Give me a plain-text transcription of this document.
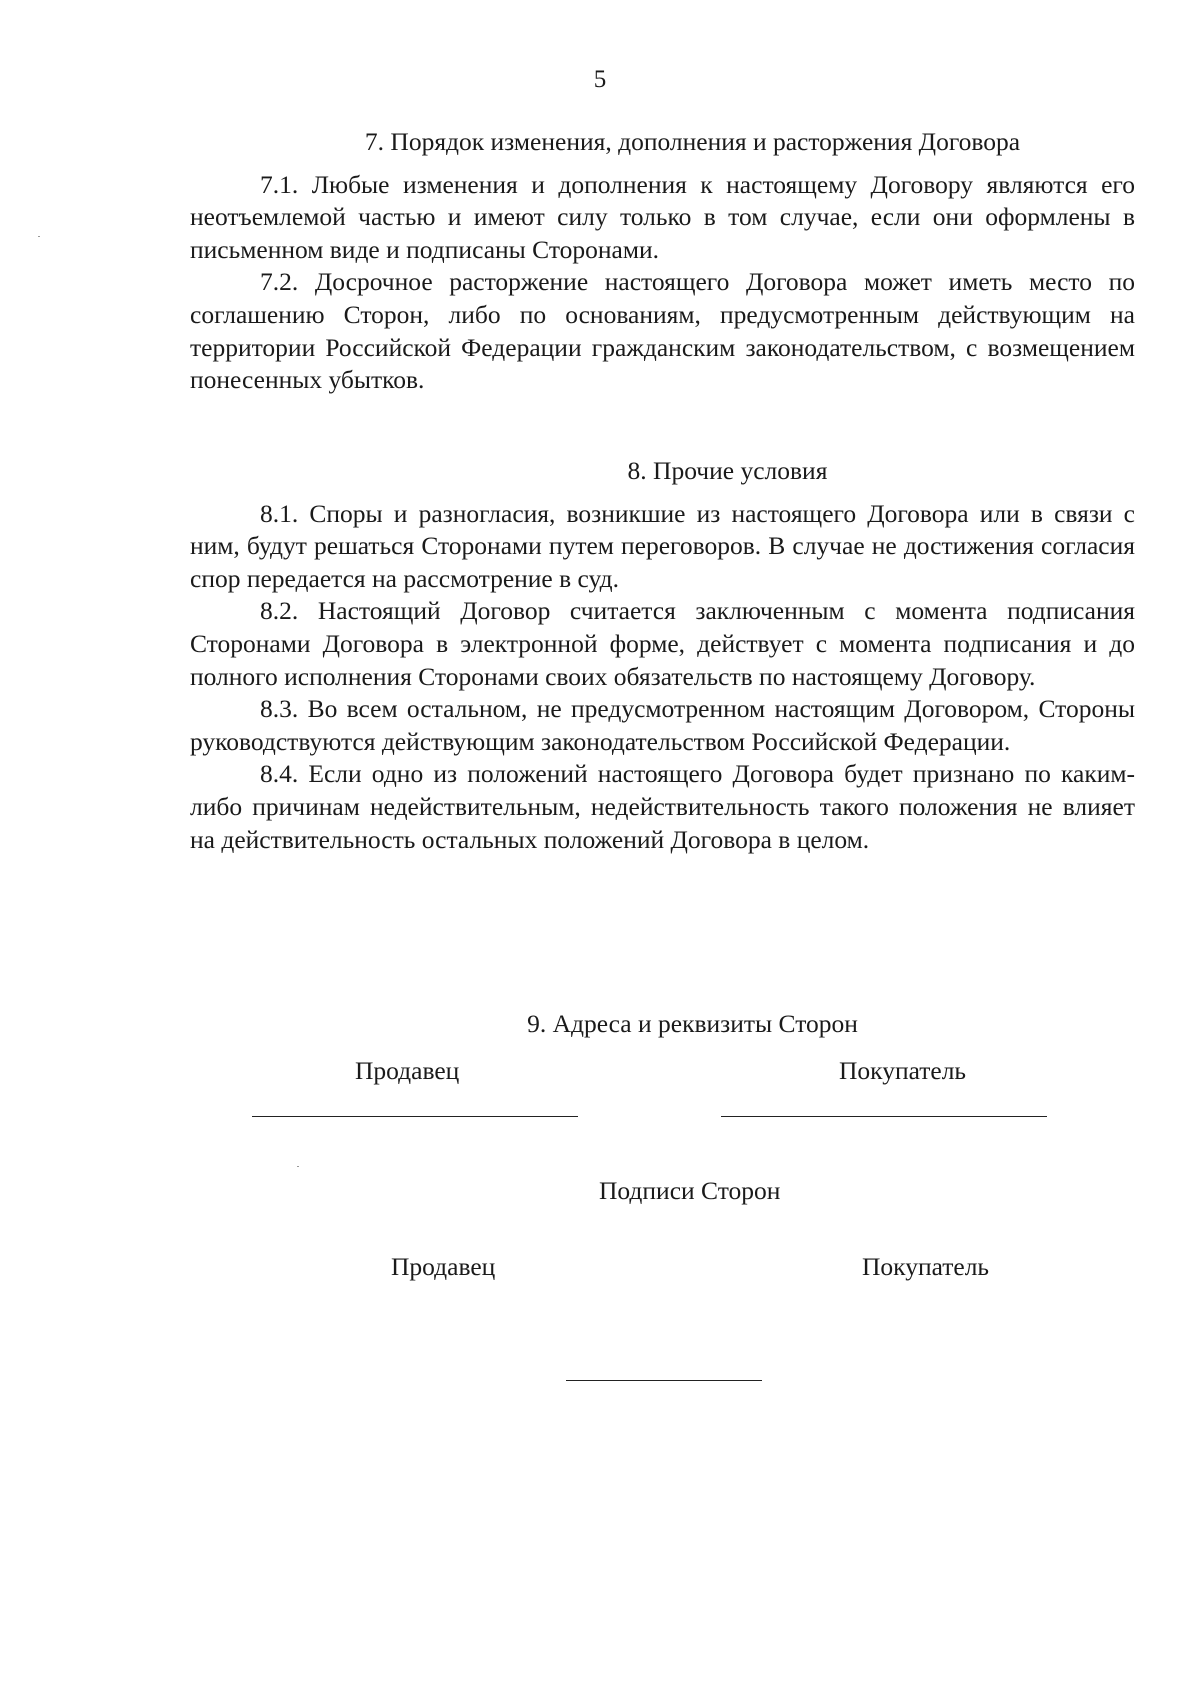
5
7. Порядок изменения, дополнения и расторжения Договора

7.1. Любые изменения и дополнения к настоящему Договору являются его неотъемлемой частью и имеют силу только в том случае, если они оформлены в письменном виде и подписаны Сторонами.

7.2. Досрочное расторжение настоящего Договора может иметь место по соглашению Сторон, либо по основаниям, предусмотренным действующим на территории Российской Федерации гражданским законодательством, с возмещением понесенных убытков.

8. Прочие условия

8.1. Споры и разногласия, возникшие из настоящего Договора или в связи с ним, будут решаться Сторонами путем переговоров. В случае не достижения согласия спор передается на рассмотрение в суд.

8.2. Настоящий Договор считается заключенным с момента подписания Сторонами Договора в электронной форме, действует с момента подписания и до полного исполнения Сторонами своих обязательств по настоящему Договору.

8.3. Во всем остальном, не предусмотренном настоящим Договором, Стороны руководствуются действующим законодательством Российской Федерации.

8.4. Если одно из положений настоящего Договора будет признано по каким-либо причинам недействительным, недействительность такого положения не влияет на действительность остальных положений Договора в целом.

9. Адреса и реквизиты Сторон
Продавец	Покупатель
Подписи Сторон
Продавец	Покупатель
